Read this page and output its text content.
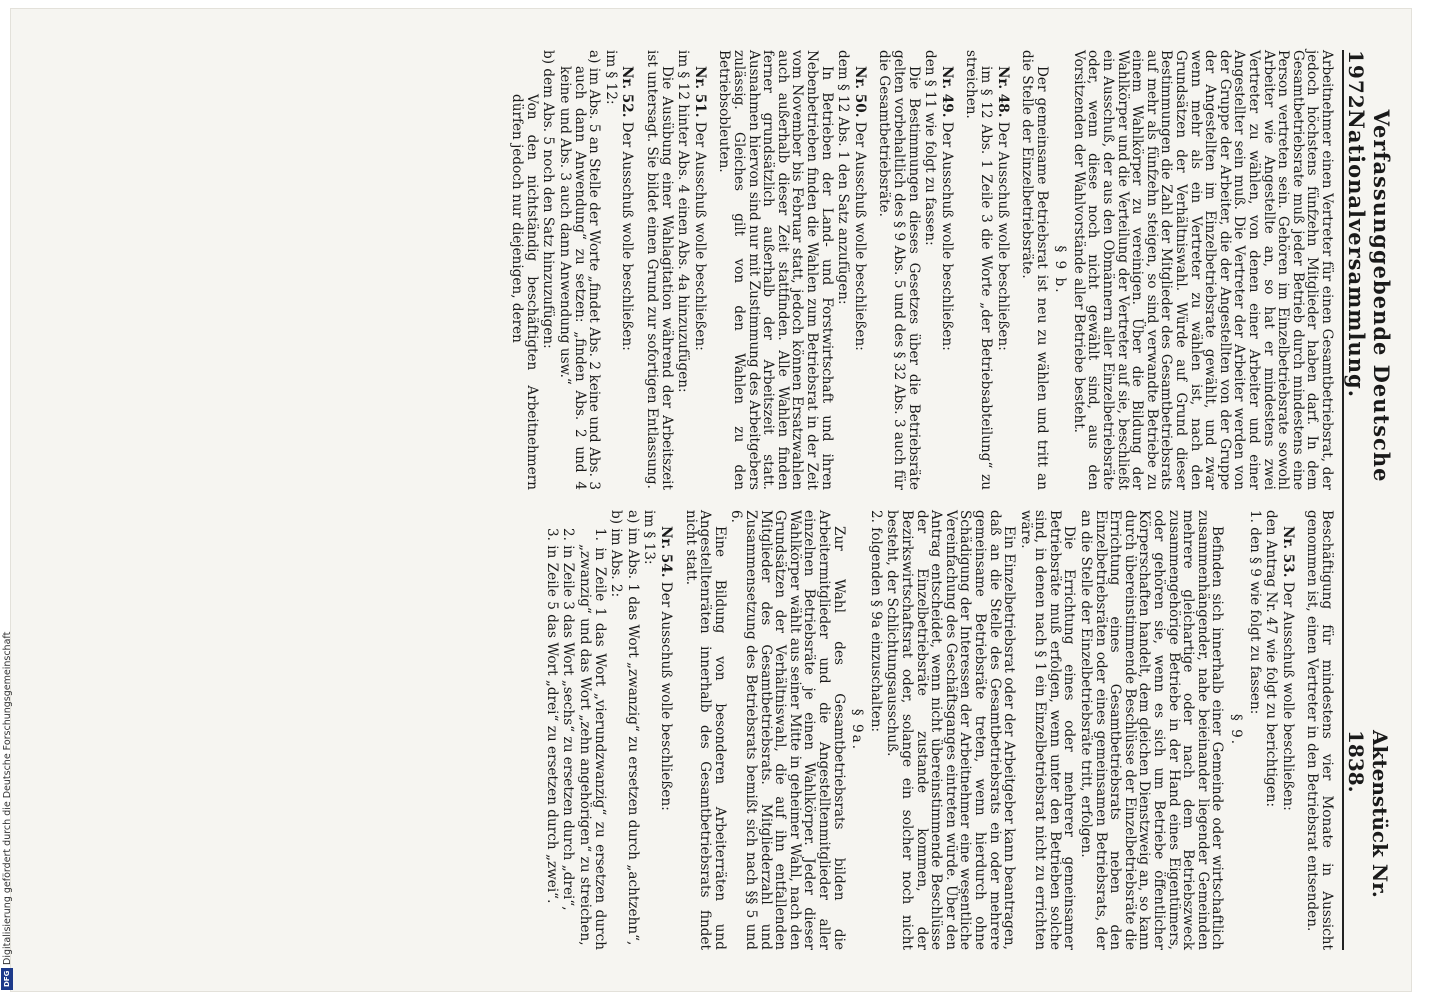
1972
Verfassunggebende Deutsche Nationalversammlung.
Aktenstück Nr. 1838.

Arbeitnehmer einen Vertreter für einen Gesamtbetriebsrat, der jedoch höchstens fünfzehn Mitglieder haben darf. In dem Gesamtbetriebsrate muß jeder Betrieb durch mindestens eine Person vertreten sein. Gehören im Einzelbetriebsrate sowohl Arbeiter wie Angestellte an, so hat er mindestens zwei Vertreter zu wählen, von denen einer Arbeiter und einer Angestellter sein muß. Die Vertreter der Arbeiter werden von der Gruppe der Arbeiter, die der Angestellten von der Gruppe der Angestellten im Einzelbetriebsrate gewählt, und zwar wenn mehr als ein Vertreter zu wählen ist, nach den Grundsätzen der Verhältniswahl. Würde auf Grund dieser Bestimmungen die Zahl der Mitglieder des Gesamtbetriebsrats auf mehr als fünfzehn steigen, so sind verwandte Betriebe zu einem Wahlkörper zu vereinigen. Über die Bildung der Wahlkörper und die Verteilung der Vertreter auf sie, beschließt ein Ausschuß, der aus den Obmännern aller Einzelbetriebsräte oder, wenn diese noch nicht gewählt sind, aus den Vorsitzenden der Wahlvorstände aller Betriebe besteht.

§ 9 b.

Der gemeinsame Betriebsrat ist neu zu wählen und tritt an die Stelle der Einzelbetriebsräte.

Nr. 48. Der Ausschuß wolle beschließen:

im § 12 Abs. 1 Zeile 3 die Worte „der Betriebsabteilung“ zu streichen.

Nr. 49. Der Ausschuß wolle beschließen:

den § 11 wie folgt zu fassen:

Die Bestimmungen dieses Gesetzes über die Betriebsräte gelten vorbehaltlich des § 9 Abs. 5 und des § 32 Abs. 3 auch für die Gesamtbetriebsräte.

Nr. 50. Der Ausschuß wolle beschließen:

dem § 12 Abs. 1 den Satz anzufügen:

In Betrieben der Land- und Forstwirtschaft und ihren Nebenbetrieben finden die Wahlen zum Betriebsrat in der Zeit vom November bis Februar statt, jedoch können Ersatzwahlen auch außerhalb dieser Zeit stattfinden. Alle Wahlen finden ferner grundsätzlich außerhalb der Arbeitszeit statt. Ausnahmen hiervon sind nur mit Zustimmung des Arbeitgebers zulässig. Gleiches gilt von den Wahlen zu den Betriebsobleuten.

Nr. 51. Der Ausschuß wolle beschließen:

im § 12 hinter Abs. 4 einen Abs. 4a hinzuzufügen:

Die Ausübung einer Wahlagitation während der Arbeitszeit ist untersagt. Sie bildet einen Grund zur sofortigen Entlassung.

Nr. 52. Der Ausschuß wolle beschließen:

im § 12:

a) im Abs. 5 an Stelle der Worte „findet Abs. 2 keine und Abs. 3 auch dann Anwendung“ zu setzen: „finden Abs. 2 und 4 keine und Abs. 3 auch dann Anwendung usw.“

b) dem Abs. 5 noch den Satz hinzuzufügen:

Von den nichtständig beschäftigten Arbeitnehmern dürfen jedoch nur diejenigen, deren

Beschäftigung für mindestens vier Monate in Aussicht genommen ist, einen Vertreter in den Betriebsrat entsenden.

Nr. 53. Der Ausschuß wolle beschließen:

den Antrag Nr. 47 wie folgt zu berichtigen:

1. den § 9 wie folgt zu fassen:

§ 9.

Befinden sich innerhalb einer Gemeinde oder wirtschaftlich zusammenhängender, nahe beieinander liegender Gemeinden mehrere gleichartige oder nach dem Betriebszweck zusammengehörige Betriebe in der Hand eines Eigentümers, oder gehören sie, wenn es sich um Betriebe öffentlicher Körperschaften handelt, dem gleichen Dienstzweig an, so kann durch übereinstimmende Beschlüsse der Einzelbetriebsräte die Errichtung eines Gesamtbetriebsrats neben den Einzelbetriebsräten oder eines gemeinsamen Betriebsrats, der an die Stelle der Einzelbetriebsräte tritt, erfolgen.

Die Errichtung eines oder mehrerer gemeinsamer Betriebsräte muß erfolgen, wenn unter den Betrieben solche sind, in denen nach § 1 ein Einzelbetriebsrat nicht zu errichten wäre.

Ein Einzelbetriebsrat oder der Arbeitgeber kann beantragen, daß an die Stelle des Gesamtbetriebsrats ein oder mehrere gemeinsame Betriebsräte treten, wenn hierdurch ohne Schädigung der Interessen der Arbeitnehmer eine wesentliche Vereinfachung des Geschäftsganges eintreten würde. Über den Antrag entscheidet, wenn nicht übereinstimmende Beschlüsse der Einzelbetriebsräte zustande kommen, der Bezirkswirtschaftsrat oder, solange ein solcher noch nicht besteht, der Schlichtungsausschuß.

2. folgenden § 9a einzuschalten:

§ 9a.

Zur Wahl des Gesamtbetriebsrats bilden die Arbeitermitglieder und die Angestelltenmitglieder aller einzelnen Betriebsräte je einen Wahlkörper. Jeder dieser Wahlkörper wählt aus seiner Mitte in geheimer Wahl, nach den Grundsätzen der Verhältniswahl, die auf ihn entfallenden Mitglieder des Gesamtbetriebsrats. Mitgliederzahl und Zusammensetzung des Betriebsrats bemißt sich nach §§ 5 und 6.

Eine Bildung von besonderen Arbeiterräten und Angestelltenräten innerhalb des Gesamtbetriebsrats findet nicht statt.

Nr. 54. Der Ausschuß wolle beschließen:

im § 13:

a) im Abs. 1 das Wort „zwanzig“ zu ersetzen durch „achtzehn“,

b) im Abs. 2:

1. in Zeile 1 das Wort „vierundzwanzig“ zu ersetzen durch „zwanzig“ und das Wort „zehn angehörigen“ zu streichen,

2. in Zeile 3 das Wort „sechs“ zu ersetzen durch „drei“,

3. in Zeile 5 das Wort „drei“ zu ersetzen durch „zwei“.

Digitalisierung gefördert durch die Deutsche Forschungsgemeinschaft
DFG
